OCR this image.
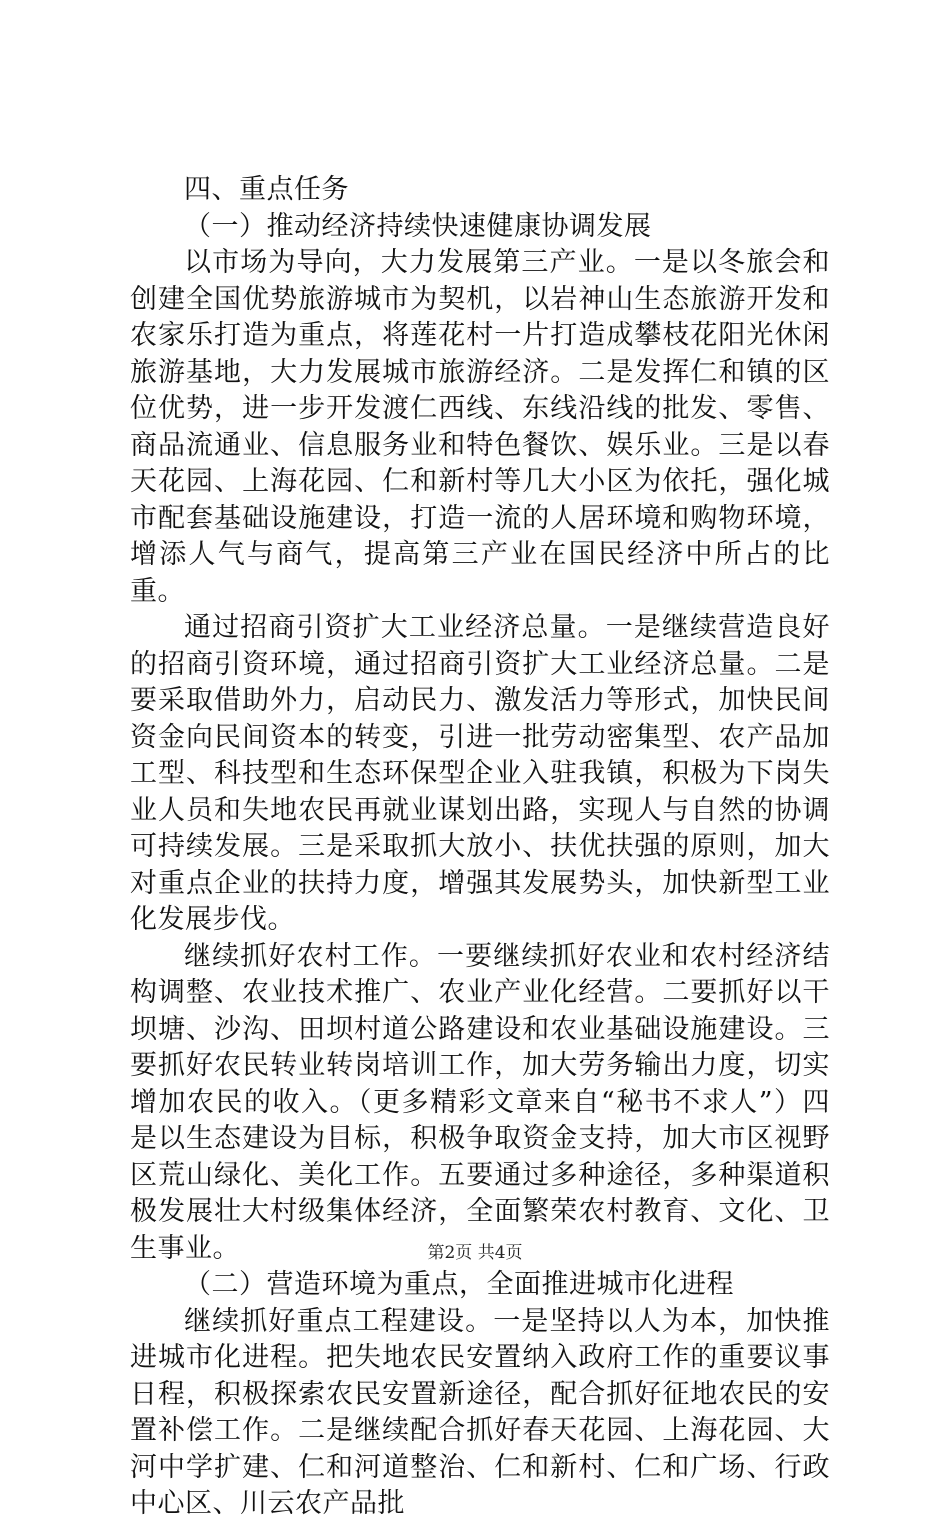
四、重点任务

（一）推动经济持续快速健康协调发展

以市场为导向，大力发展第三产业。一是以冬旅会和创建全国优势旅游城市为契机，以岩神山生态旅游开发和农家乐打造为重点，将莲花村一片打造成攀枝花阳光休闲旅游基地，大力发展城市旅游经济。二是发挥仁和镇的区位优势，进一步开发渡仁西线、东线沿线的批发、零售、商品流通业、信息服务业和特色餐饮、娱乐业。三是以春天花园、上海花园、仁和新村等几大小区为依托，强化城市配套基础设施建设，打造一流的人居环境和购物环境，增添人气与商气，提高第三产业在国民经济中所占的比重。

通过招商引资扩大工业经济总量。一是继续营造良好的招商引资环境，通过招商引资扩大工业经济总量。二是要采取借助外力，启动民力、激发活力等形式，加快民间资金向民间资本的转变，引进一批劳动密集型、农产品加工型、科技型和生态环保型企业入驻我镇，积极为下岗失业人员和失地农民再就业谋划出路，实现人与自然的协调可持续发展。三是采取抓大放小、扶优扶强的原则，加大对重点企业的扶持力度，增强其发展势头，加快新型工业化发展步伐。

继续抓好农村工作。一要继续抓好农业和农村经济结构调整、农业技术推广、农业产业化经营。二要抓好以干坝塘、沙沟、田坝村道公路建设和农业基础设施建设。三要抓好农民转业转岗培训工作，加大劳务输出力度，切实增加农民的收入。（更多精彩文章来自“秘书不求人”）四是以生态建设为目标，积极争取资金支持，加大市区视野区荒山绿化、美化工作。五要通过多种途径，多种渠道积极发展壮大村级集体经济，全面繁荣农村教育、文化、卫生事业。

（二）营造环境为重点，全面推进城市化进程

继续抓好重点工程建设。一是坚持以人为本，加快推进城市化进程。把失地农民安置纳入政府工作的重要议事日程，积极探索农民安置新途径，配合抓好征地农民的安置补偿工作。二是继续配合抓好春天花园、上海花园、大河中学扩建、仁和河道整治、仁和新村、仁和广场、行政中心区、川云农产品批

第2页 共4页
